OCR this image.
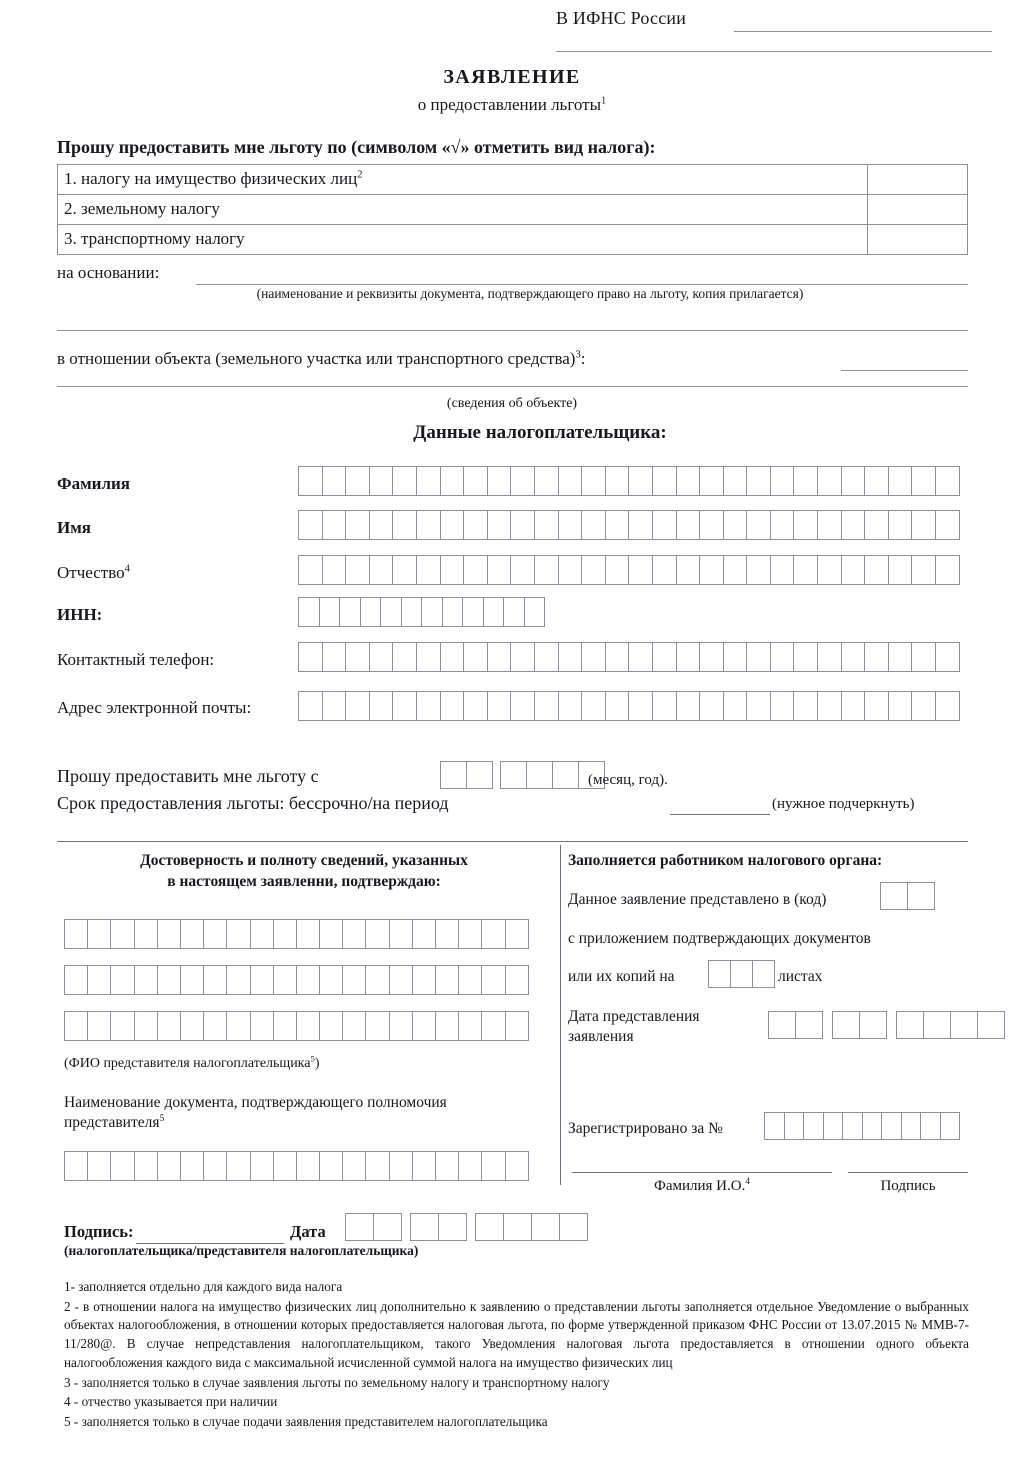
В ИФНС России
ЗАЯВЛЕНИЕ
о предоставлении льготы$^1$
Прошу предоставить мне льготу по (символом «√» отметить вид налога):
1. налогу на имущество физических лиц$^2$	
2. земельному налогу	
3. транспортному налогу	
на основании:
(наименование и реквизиты документа, подтверждающего право на льготу, копия прилагается)
в отношении объекта (земельного участка или транспортного средства)$^3$:
(сведения об объекте)
Данные налогоплательщика:
Фамилия
Имя
Отчество$^4$
ИНН:
Контактный телефон:
Адрес электронной почты:
Прошу предоставить мне льготу с	(месяц, год).
Срок предоставления льготы: бессрочно/на период	(нужное подчеркнуть)
Достоверность и полноту сведений, указанных
в настоящем заявленни, подтверждаю:
(ФИО представителя налогоплательщика$^5$)
Наименование документа, подтверждающего полномочия
представителя$^5$
Подпись:	Дата
(налогоплательщика/представителя налогоплательщика)
Заполняется работником налогового органа:
Данное заявление представлено в (код)
с приложением подтверждающих документов
или их копий на	листах
Дата представления
заявления
Зарегистрировано за №
Фамилия И.О.$^4$	Подпись

1- заполняется отдельно для каждого вида налога

2 - в отношении налога на имущество физических лиц дополнительно к заявлению о представлении льготы заполняется отдельное Уведомление о выбранных объектах налогообложения, в отношении которых предоставляется налоговая льгота, по форме утвержденной приказом ФНС России от 13.07.2015 № ММВ-7-11/280@. В случае непредставления налогоплательщиком, такого Уведомления налоговая льгота предоставляется в отношении одного объекта налогообложения каждого вида с максимальной исчисленной суммой налога на имущество физических лиц

3 - заполняется только в случае заявления льготы по земельному налогу и транспортному налогу

4 - отчество указывается при наличии

5 - заполняется только в случае подачи заявления представителем налогоплательщика
